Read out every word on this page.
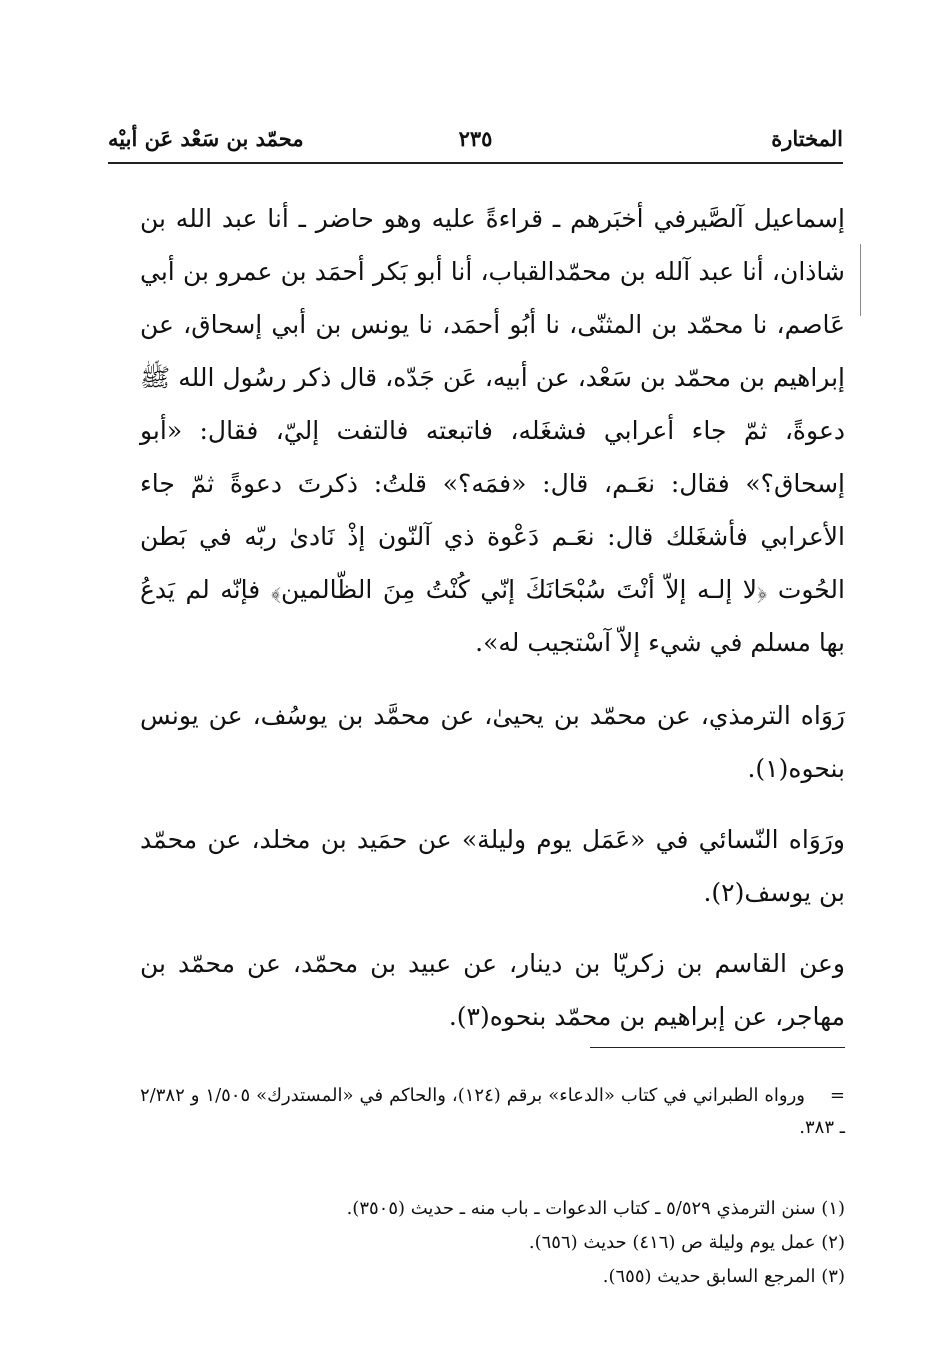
المختارة
٢٣٥
محمّد بن سَعْد عَن أبيْه

إسماعيل آلصَّيرفي أخبَرهم ـ قراءةً عليه وهو حاضر ـ أنا عبد الله بن شاذان، أنا عبد آلله بن محمّدالقباب، أنا أبو بَكر أحمَد بن عمرو بن أبي عَاصم، نا محمّد بن المثنّى، نا أبُو أحمَد، نا يونس بن أبي إسحاق، عن إبراهيم بن محمّد بن سَعْد، عن أبيه، عَن جَدّه، قال ذكر رسُول الله ﷺ دعوةً، ثمّ جاء أعرابي فشغَله، فاتبعته فالتفت إليّ، فقال: «أبو إسحاق؟» فقال: نعَـم، قال: «فمَه؟» قلتُ: ذكرتَ دعوةً ثمّ جاء الأعرابي فأشغَلك قال: نعَـم دَعْوة ذي آلنّون إذْ نَادىٰ ربّه في بَطن الحُوت ﴿لا إلـه إلاّ أنْتَ سُبْحَانَكَ إنّي كُنْتُ مِنَ الظّالمين﴾ فإنّه لم يَدعُ بها مسلم في شيء إلاّ آسْتجيب له».

رَوَاه الترمذي، عن محمّد بن يحيىٰ، عن محمَّد بن يوسُف، عن يونس بنحوه(١).

ورَوَاه النّسائي في «عَمَل يوم وليلة» عن حمَيد بن مخلد، عن محمّد بن يوسف(٢).

وعن القاسم بن زكريّا بن دينار، عن عبيد بن محمّد، عن محمّد بن مهاجر، عن إبراهيم بن محمّد بنحوه(٣).

=ورواه الطبراني في كتاب «الدعاء» برقم (١٢٤)، والحاكم في «المستدرك» ١/٥٠٥ و ٢/٣٨٢ ـ ٣٨٣.
(١) سنن الترمذي ٥/٥٢٩ ـ كتاب الدعوات ـ باب منه ـ حديث (٣٥٠٥).
(٢) عمل يوم وليلة ص (٤١٦) حديث (٦٥٦).
(٣) المرجع السابق حديث (٦٥٥).
